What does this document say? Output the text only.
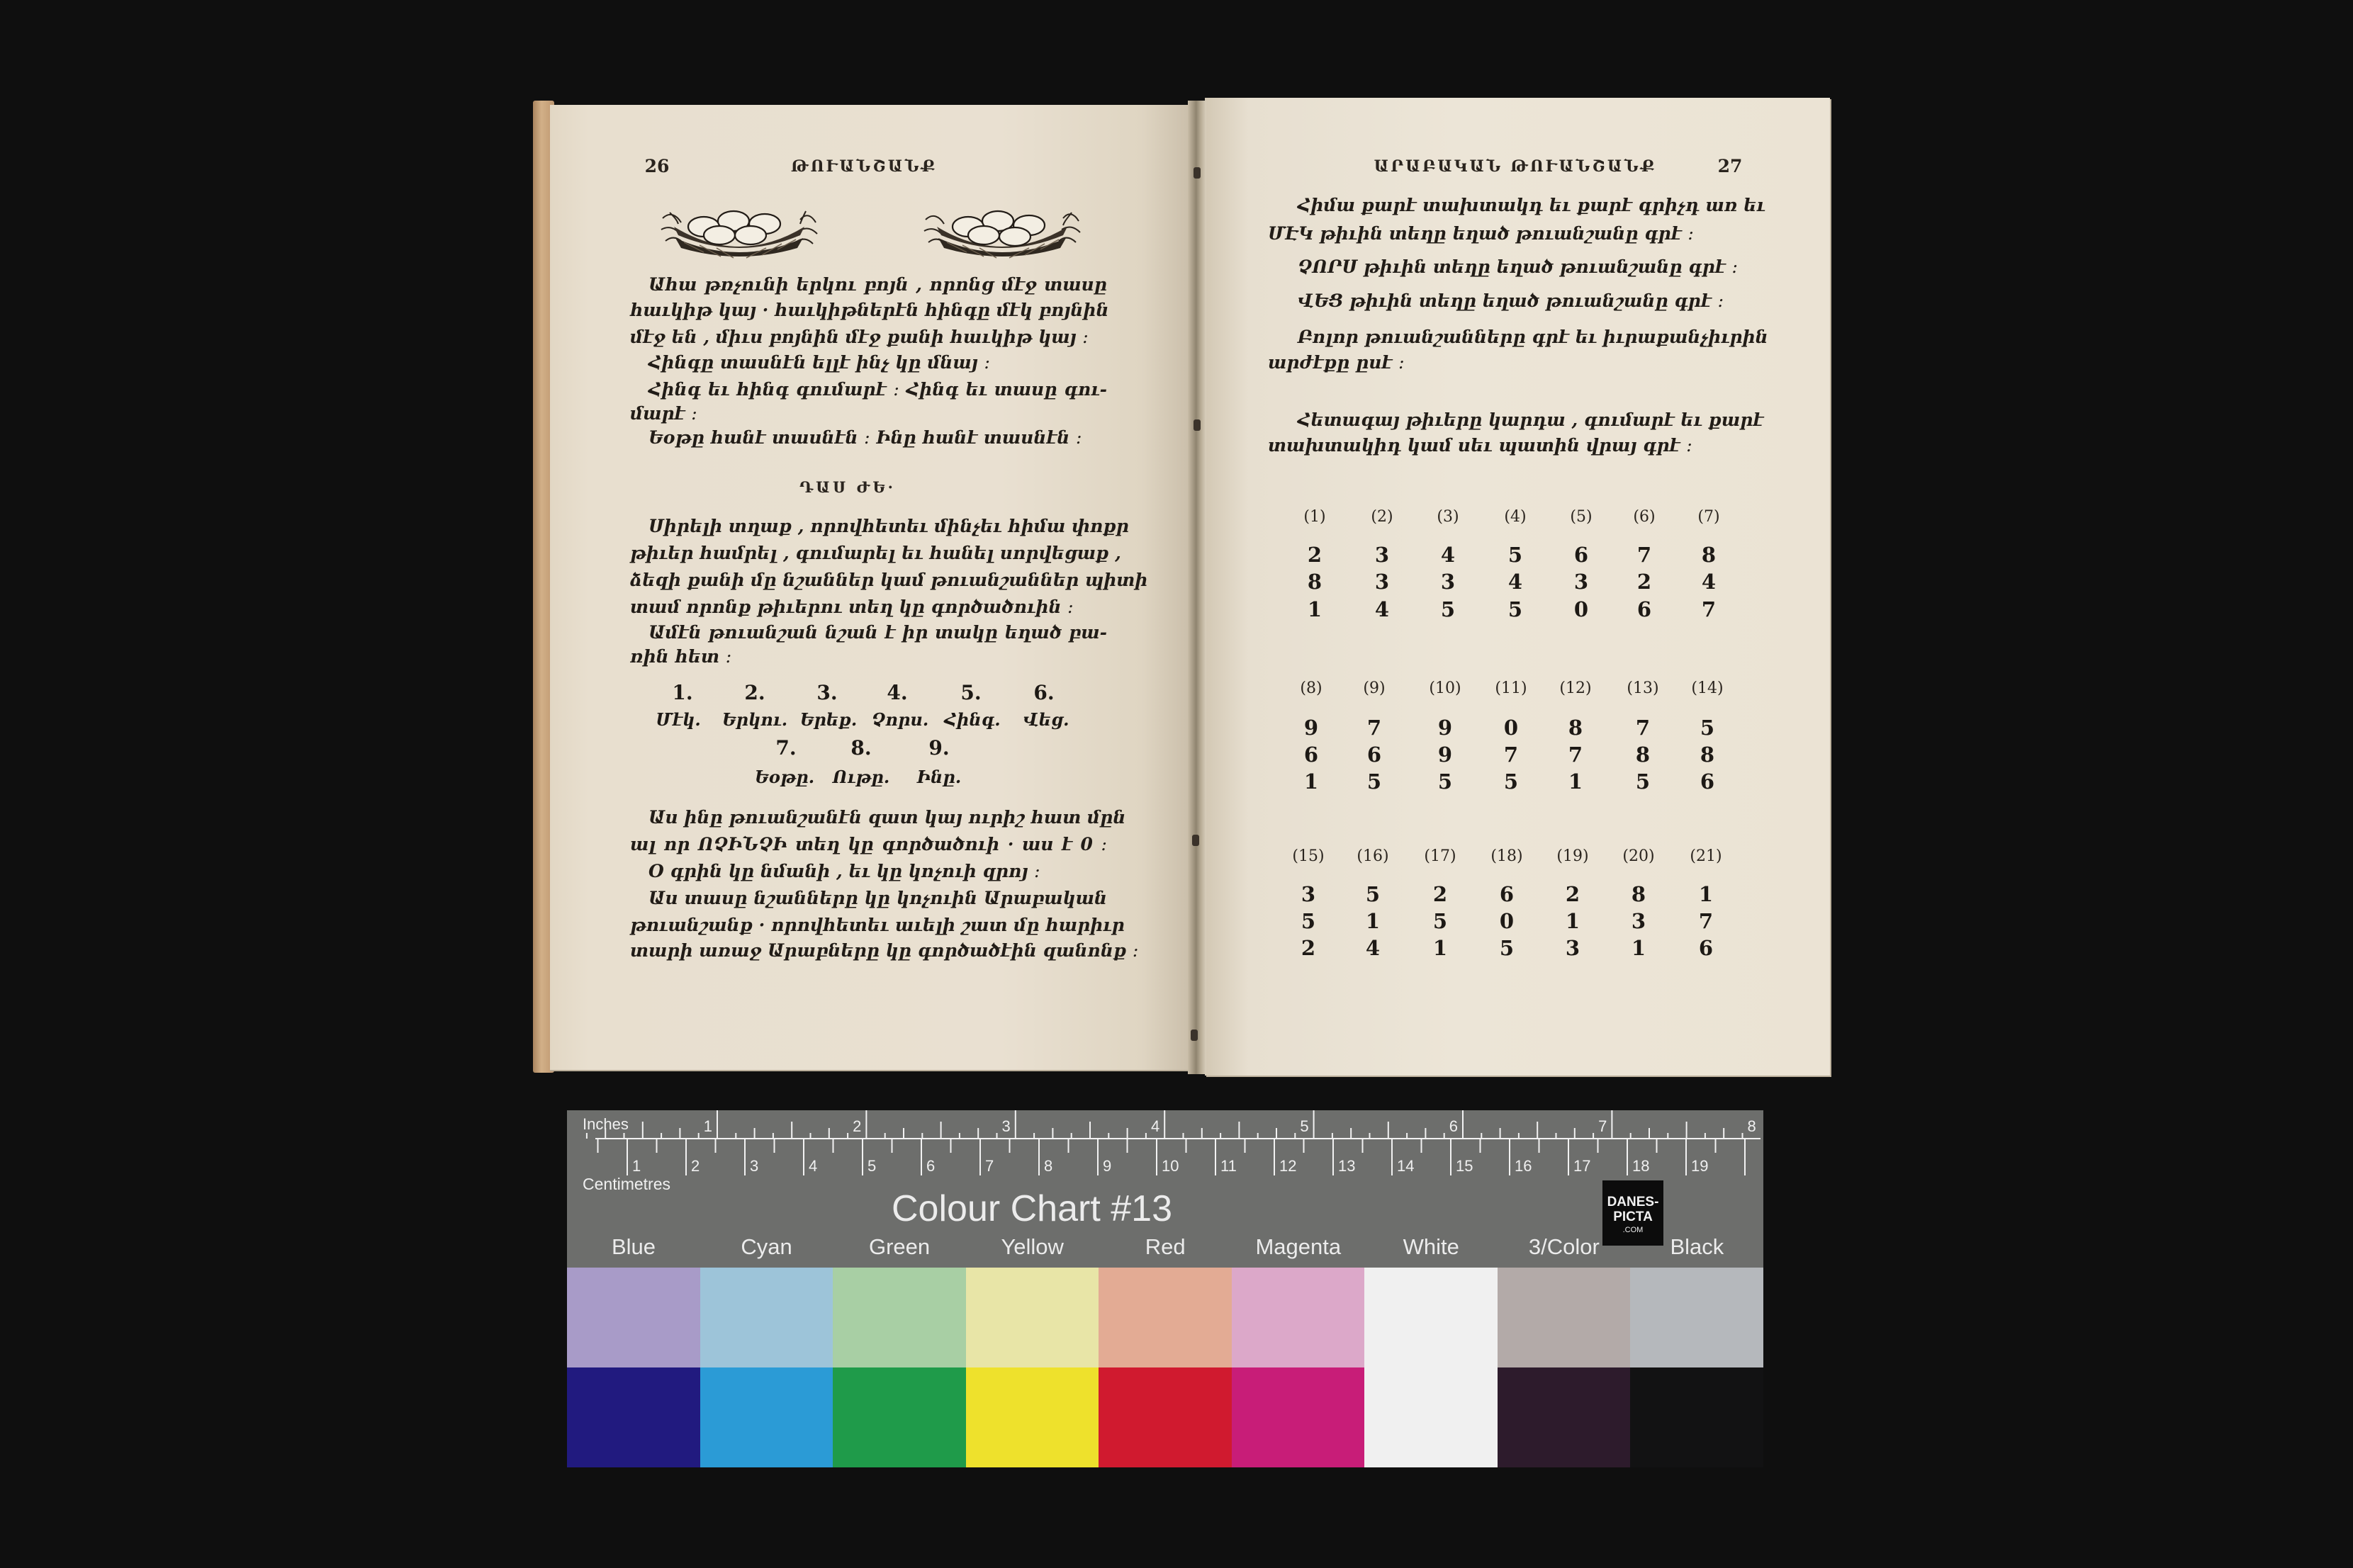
26	ԹՈՒԱՆՇԱՆՔ
Ահա թռչունի երկու բոյն , որոնց մէջ տասը
հաւկիթ կայ · հաւկիթներէն հինգը մէկ բոյնին
մէջ են , միւս բոյնին մէջ քանի հաւկիթ կայ ։
Հինգը տասնէն ելլէ ինչ կը մնայ ։
Հինգ եւ հինգ գումարէ ։ Հինգ եւ տասը գու-
մարէ ։
Եօթը հանէ տասնէն ։ Ինը հանէ տասնէն ։
ԴԱՍ ԺԵ·
Սիրելի տղաք , որովհետեւ մինչեւ հիմա փոքր
թիւեր համրել , գումարել եւ հանել սորվեցաք ,
ձեզի քանի մը նշաններ կամ թուանշաններ պիտի
տամ որոնք թիւերու տեղ կը գործածուին ։
Ամէն թուանշան նշան է իր տակը եղած բա-
ռին հետ ։
1.	2.	3.	4.	5.	6.
Մէկ.	Երկու. Երեք. Չորս. Հինգ.	Վեց.
7.	8.	9.
Եօթը.	Ութը.	Ինը.
Աս ինը թուանշանէն զատ կայ ուրիշ հատ մըն
ալ որ ՈՉԻՆՉԻ տեղ կը գործածուի · աս է 0 ։
Օ գրին կը նմանի , եւ կը կոչուի զրոյ ։
Աս տասը նշանները կը կոչուին Արաբական
թուանշանք · որովհետեւ աւելի շատ մը հարիւր
տարի առաջ Արաբները կը գործածէին զանոնք ։
ԱՐԱԲԱԿԱՆ ԹՈՒԱՆՇԱՆՔ	27
Հիմա քարէ տախտակդ եւ քարէ գրիչդ առ եւ
ՄԷԿ թիւին տեղը եղած թուանշանը գրէ ։
ՉՈՐՍ թիւին տեղը եղած թուանշանը գրէ ։
ՎԵՑ թիւին տեղը եղած թուանշանը գրէ ։
Բոլոր թուանշանները գրէ եւ իւրաքանչիւրին
արժէքը ըսէ ։
Հետագայ թիւերը կարդա , գումարէ եւ քարէ
տախտակիդ կամ սեւ պատին վրայ գրէ ։
(1)	(2)	(3)	(4)	(5)	(6)	(7)
2	3	4	5	6	7	8
8	3	3	4	3	2	4
1	4	5	5	0	6	7
(8)	(9)	(10)	(11)	(12)	(13)	(14)
9	7	9	0	8	7	5
6	6	9	7	7	8	8
1	5	5	5	1	5	6
(15)	(16)	(17)	(18)	(19)	(20)	(21)
3	5	2	6	2	8	1
5	1	5	0	1	3	7
2	4	1	5	3	1	6
Inches
Centimetres
1	2	3	4	5	6	7	8
1	2	3	4	5	6	7	8	9	10	11	12	13	14	15	16	17	18	19
Colour Chart #13	DANES-
PICTA
.COM
Blue	Cyan	Green	Yellow	Red	Magenta	White	3/Color	Black
